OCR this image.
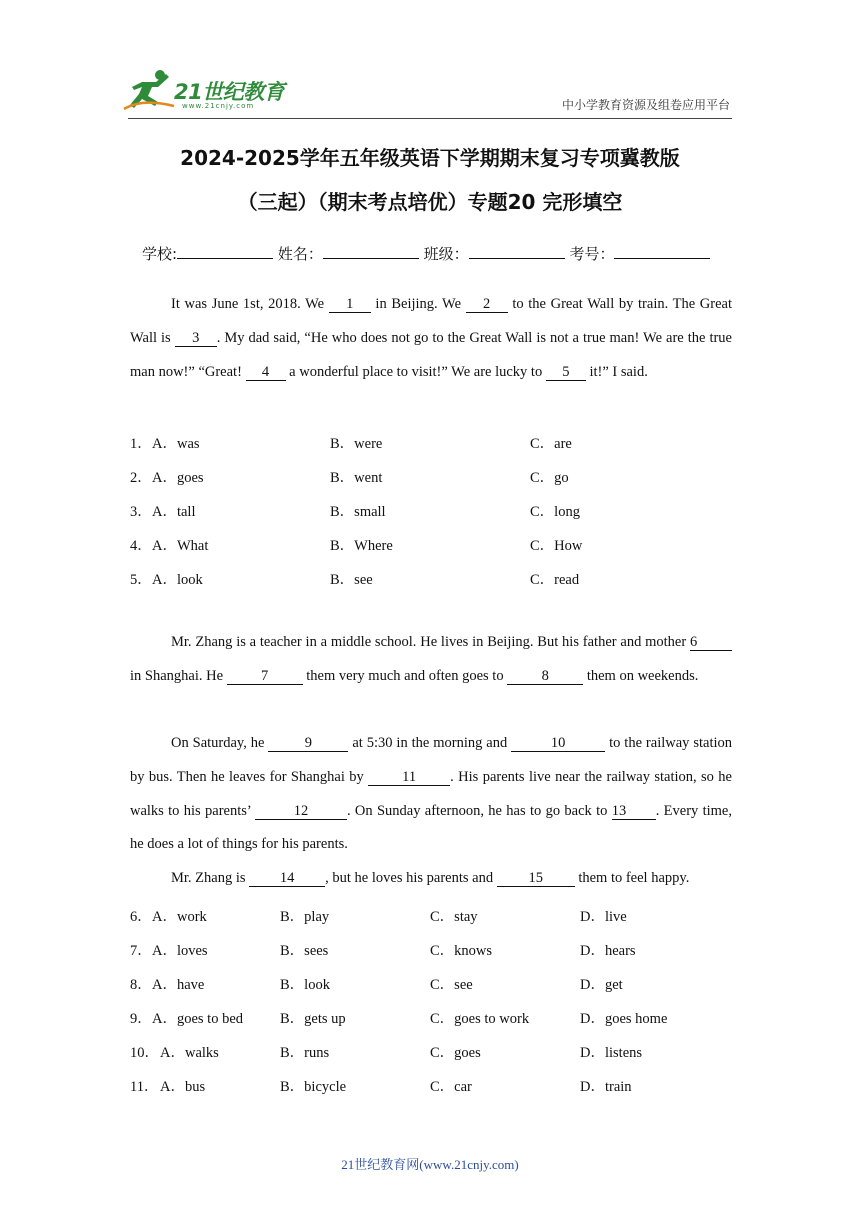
21世纪教育
www.21cnjy.com	中小学教育资源及组卷应用平台
2024-2025学年五年级英语下学期期末复习专项冀教版
（三起）（期末考点培优）专题20 完形填空
学校:	姓名：	班级：	考号：
It was June 1st, 2018. We 1 in Beijing. We 2 to the Great Wall by train. The Great Wall is 3 . My dad said, “He who does not go to the Great Wall is not a true man! We are the true man now!” “Great! 4 a wonderful place to visit!” We are lucky to 5 it!” I said.
1． A．was	B．were	C．are
2． A．goes	B．went	C．go
3． A．tall	B．small	C．long
4． A．What	B．Where	C．How
5． A．look	B．see	C．read
Mr. Zhang is a teacher in a middle school. He lives in Beijing. But his father and mother 6 in Shanghai. He 7 them very much and often goes to 8 them on weekends.
On Saturday, he	9	at 5:30 in the morning and	10	to the railway station by bus. Then he leaves for Shanghai by 11 . His parents live near the railway station, so he walks to his parents’	12	. On Sunday afternoon, he has to go back to 13 . Every time, he does a lot of things for his parents.
Mr. Zhang is 14 , but he loves his parents and 15 them to feel happy.
6． A．work	B．play	C．stay	D．live
7． A．loves	B．sees	C．knows	D．hears
8． A．have	B．look	C．see	D．get
9． A．goes to bed	B．gets up	C．goes to work	D．goes home
10． A．walks	B．runs	C．goes	D．listens
11． A．bus	B．bicycle	C．car	D．train
21世纪教育网(www.21cnjy.com)
